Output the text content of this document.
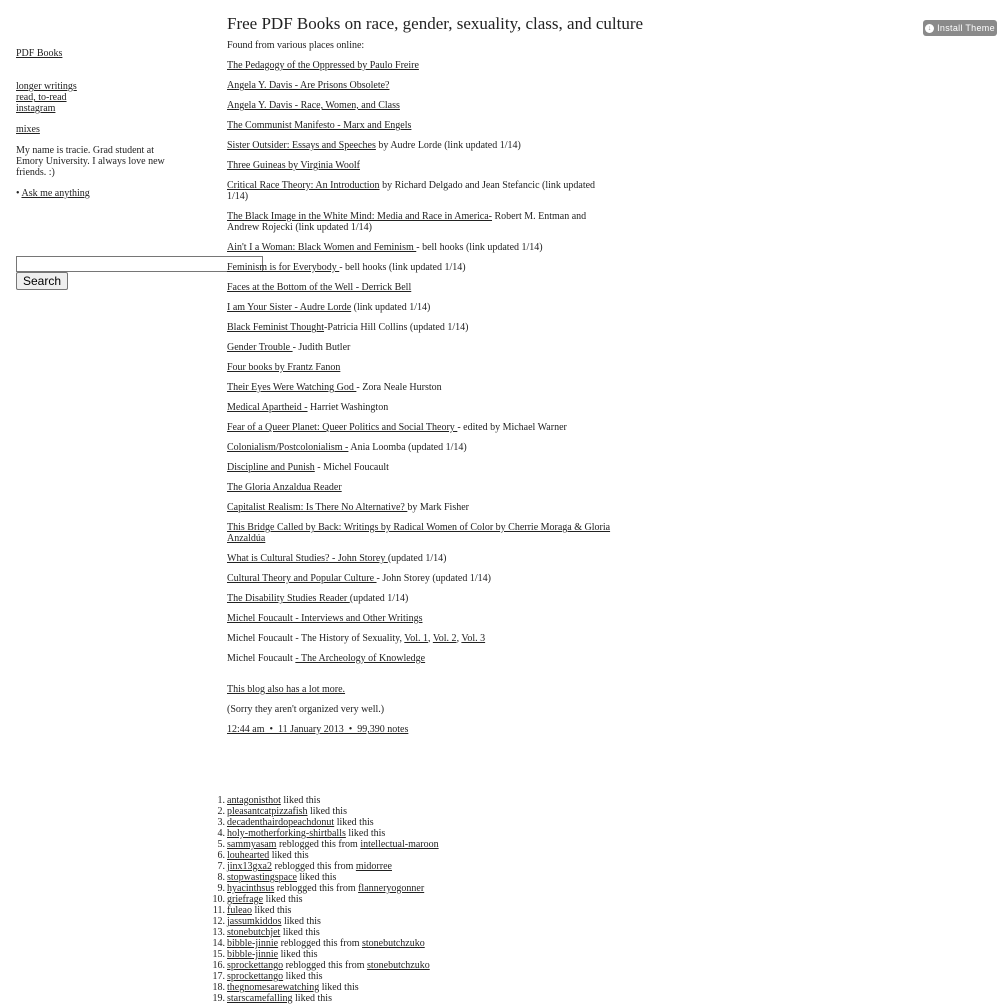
↓ Install Theme
PDF Books
longer writings
read, to-read
instagram
mixes
My name is tracie. Grad student at Emory University. I always love new friends. :)
• Ask me anything
Search
Free PDF Books on race, gender, sexuality, class, and culture

Found from various places online:

The Pedagogy of the Oppressed by Paulo Freire

Angela Y. Davis - Are Prisons Obsolete?

Angela Y. Davis - Race, Women, and Class

The Communist Manifesto - Marx and Engels

Sister Outsider: Essays and Speeches by Audre Lorde (link updated 1/14)

Three Guineas by Virginia Woolf

Critical Race Theory: An Introduction by Richard Delgado and Jean Stefancic (link updated 1/14)

The Black Image in the White Mind: Media and Race in America- Robert M. Entman and Andrew Rojecki (link updated 1/14)

Ain't I a Woman: Black Women and Feminism - bell hooks (link updated 1/14)

Feminism is for Everybody - bell hooks (link updated 1/14)

Faces at the Bottom of the Well - Derrick Bell

I am Your Sister - Audre Lorde (link updated 1/14)

Black Feminist Thought-Patricia Hill Collins (updated 1/14)

Gender Trouble - Judith Butler

Four books by Frantz Fanon

Their Eyes Were Watching God - Zora Neale Hurston

Medical Apartheid - Harriet Washington

Fear of a Queer Planet: Queer Politics and Social Theory - edited by Michael Warner

Colonialism/Postcolonialism - Ania Loomba (updated 1/14)

Discipline and Punish - Michel Foucault

The Gloria Anzaldua Reader

Capitalist Realism: Is There No Alternative? by Mark Fisher

This Bridge Called by Back: Writings by Radical Women of Color by Cherrie Moraga & Gloria Anzaldúa

What is Cultural Studies? - John Storey (updated 1/14)

Cultural Theory and Popular Culture - John Storey (updated 1/14)

The Disability Studies Reader (updated 1/14)

Michel Foucault - Interviews and Other Writings

Michel Foucault - The History of Sexuality, Vol. 1, Vol. 2, Vol. 3

Michel Foucault - The Archeology of Knowledge

This blog also has a lot more.

(Sorry they aren't organized very well.)

12:44 am  •  11 January 2013  •  99,390 notes

1. antagonisthot liked this
2. pleasantcatpizzafish liked this
3. decadenthairdopeachdonut liked this
4. holy-motherforking-shirtballs liked this
5. sammyasam reblogged this from intellectual-maroon
6. louhearted liked this
7. jinx13gxa2 reblogged this from midorree
8. stopwastingspace liked this
9. hyacinthsus reblogged this from flanneryogonner
10. griefrage liked this
11. fuleao liked this
12. jassumkiddos liked this
13. stonebutchjet liked this
14. bibble-jinnie reblogged this from stonebutchzuko
15. bibble-jinnie liked this
16. sprockettango reblogged this from stonebutchzuko
17. sprockettango liked this
18. thegnomesarewatching liked this
19. starscamefalling liked this
